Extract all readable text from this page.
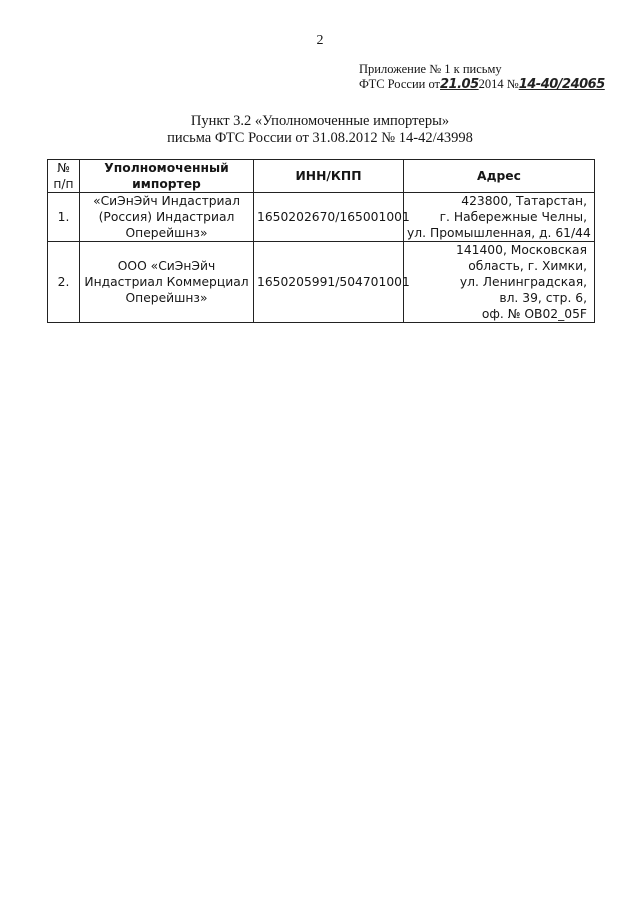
2
Приложение № 1 к письму
ФТС России от21.052014 №14-40/24065
Пункт 3.2 «Уполномоченные импортеры»
письма ФТС России от 31.08.2012 № 14-42/43998
№
п/п	Уполномоченный
импортер	ИНН/КПП	Адрес
1.	«СиЭнЭйч Индастриал
(Россия) Индастриал
Оперейшнз»	1650202670/165001001	423800, Татарстан,
г. Набережные Челны,
ул. Промышленная, д. 61/44

2.	ООО «СиЭнЭйч
Индастриал Коммерциал
Оперейшнз»	1650205991/504701001	141400, Московская
область, г. Химки,
ул. Ленинградская,
вл. 39, стр. 6,
оф. № ОВ02_05F
